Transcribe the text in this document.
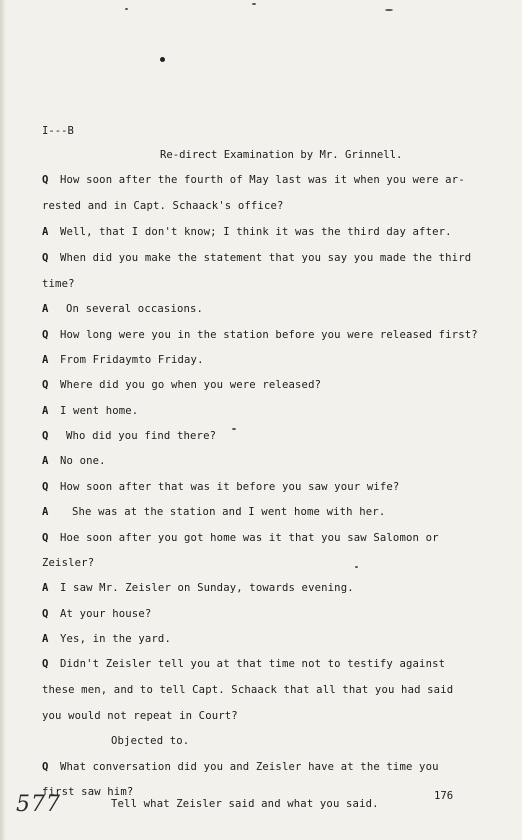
I---B
Re-direct Examination by Mr. Grinnell.
Q How soon after the fourth of May last was it when you were ar-
rested and in Capt. Schaack's office?
A Well, that I don't know; I think it was the third day after.
Q When did you make the statement that you say you made the third
time?
A On several occasions.
Q How long were you in the station before you were released first?
A From Fridaymto Friday.
Q Where did you go when you were released?
A I went home.
Q Who did you find there?
A No one.
Q How soon after that was it before you saw your wife?
A She was at the station and I went home with her.
Q Hoe soon after you got home was it that you saw Salomon or
Zeisler?
A I saw Mr. Zeisler on Sunday, towards evening.
Q At your house?
A Yes, in the yard.
Q Didn't Zeisler tell you at that time not to testify against
these men, and to tell Capt. Schaack that all that you had said
you would not repeat in Court?
Objected to.
Q What conversation did you and Zeisler have at the time you
first saw him?
Tell what Zeisler said and what you said.
577	176
